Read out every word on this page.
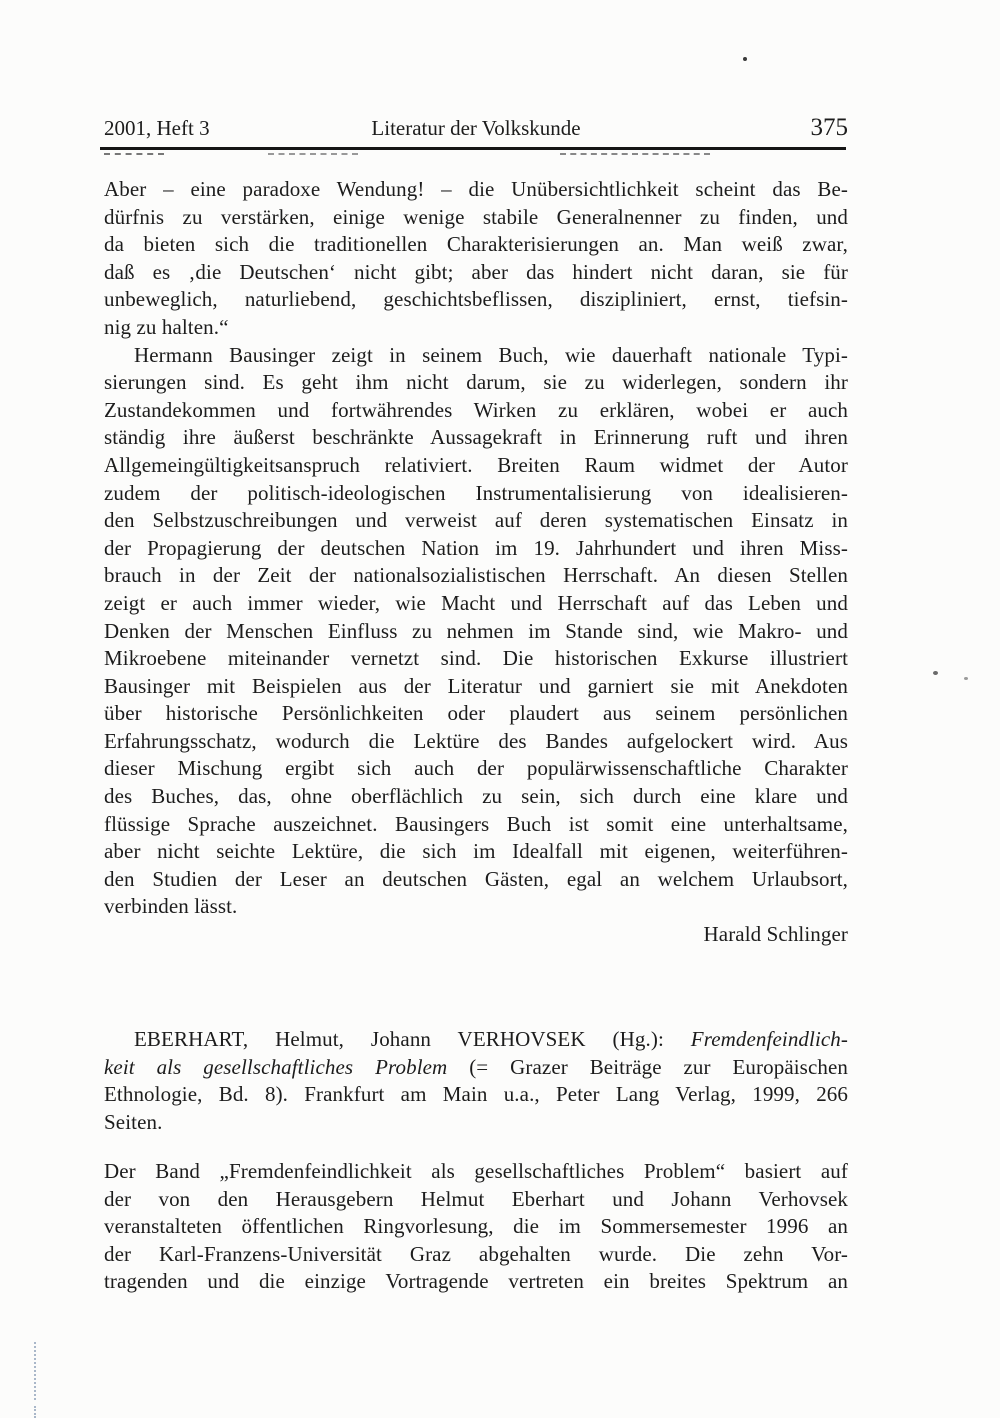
2001, Heft 3	Literatur der Volkskunde	375
Aber – eine paradoxe Wendung! – die Unübersichtlichkeit scheint das Be-
dürfnis zu verstärken, einige wenige stabile Generalnenner zu finden, und
da bieten sich die traditionellen Charakterisierungen an. Man weiß zwar,
daß es ‚die Deutschen‘ nicht gibt; aber das hindert nicht daran, sie für
unbeweglich, naturliebend, geschichtsbeflissen, diszipliniert, ernst, tiefsin-
nig zu halten.“
Hermann Bausinger zeigt in seinem Buch, wie dauerhaft nationale Typi-
sierungen sind. Es geht ihm nicht darum, sie zu widerlegen, sondern ihr
Zustandekommen und fortwährendes Wirken zu erklären, wobei er auch
ständig ihre äußerst beschränkte Aussagekraft in Erinnerung ruft und ihren
Allgemeingültigkeitsanspruch relativiert. Breiten Raum widmet der Autor
zudem der politisch-ideologischen Instrumentalisierung von idealisieren-
den Selbstzuschreibungen und verweist auf deren systematischen Einsatz in
der Propagierung der deutschen Nation im 19. Jahrhundert und ihren Miss-
brauch in der Zeit der nationalsozialistischen Herrschaft. An diesen Stellen
zeigt er auch immer wieder, wie Macht und Herrschaft auf das Leben und
Denken der Menschen Einfluss zu nehmen im Stande sind, wie Makro- und
Mikroebene miteinander vernetzt sind. Die historischen Exkurse illustriert
Bausinger mit Beispielen aus der Literatur und garniert sie mit Anekdoten
über historische Persönlichkeiten oder plaudert aus seinem persönlichen
Erfahrungsschatz, wodurch die Lektüre des Bandes aufgelockert wird. Aus
dieser Mischung ergibt sich auch der populärwissenschaftliche Charakter
des Buches, das, ohne oberflächlich zu sein, sich durch eine klare und
flüssige Sprache auszeichnet. Bausingers Buch ist somit eine unterhaltsame,
aber nicht seichte Lektüre, die sich im Idealfall mit eigenen, weiterführen-
den Studien der Leser an deutschen Gästen, egal an welchem Urlaubsort,
verbinden lässt.
Harald Schlinger
EBERHART, Helmut, Johann VERHOVSEK (Hg.): Fremdenfeindlich-
keit als gesellschaftliches Problem (= Grazer Beiträge zur Europäischen
Ethnologie, Bd. 8). Frankfurt am Main u.a., Peter Lang Verlag, 1999, 266
Seiten.
Der Band „Fremdenfeindlichkeit als gesellschaftliches Problem“ basiert auf
der von den Herausgebern Helmut Eberhart und Johann Verhovsek
veranstalteten öffentlichen Ringvorlesung, die im Sommersemester 1996 an
der Karl-Franzens-Universität Graz abgehalten wurde. Die zehn Vor-
tragenden und die einzige Vortragende vertreten ein breites Spektrum an
